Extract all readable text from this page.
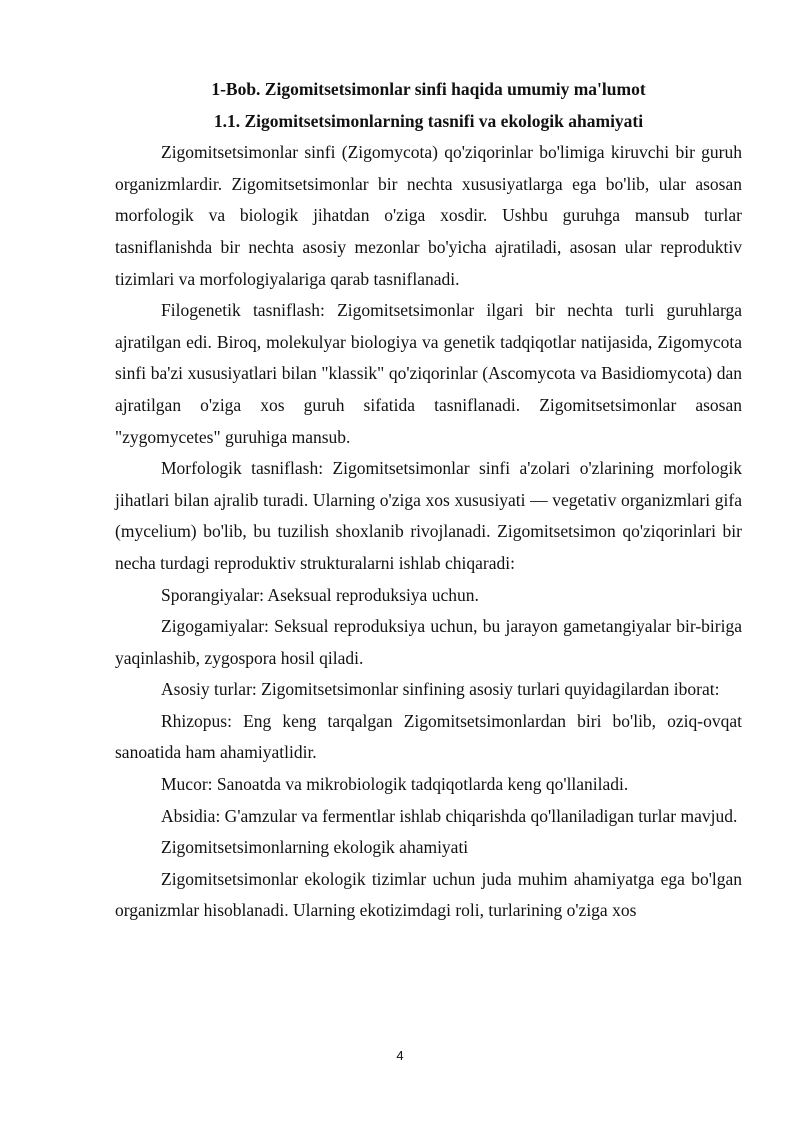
1-Bob. Zigomitsetsimonlar sinfi haqida umumiy ma'lumot

1.1. Zigomitsetsimonlarning tasnifi va ekologik ahamiyati

Zigomitsetsimonlar sinfi (Zigomycota) qo'ziqorinlar bo'limiga kiruvchi bir guruh organizmlardir. Zigomitsetsimonlar bir nechta xususiyatlarga ega bo'lib, ular asosan morfologik va biologik jihatdan o'ziga xosdir. Ushbu guruhga mansub turlar tasniflanishda bir nechta asosiy mezonlar bo'yicha ajratiladi, asosan ular reproduktiv tizimlari va morfologiyalariga qarab tasniflanadi.

Filogenetik tasniflash: Zigomitsetsimonlar ilgari bir nechta turli guruhlarga ajratilgan edi. Biroq, molekulyar biologiya va genetik tadqiqotlar natijasida, Zigomycota sinfi ba'zi xususiyatlari bilan "klassik" qo'ziqorinlar (Ascomycota va Basidiomycota) dan ajratilgan o'ziga xos guruh sifatida tasniflanadi. Zigomitsetsimonlar asosan "zygomycetes" guruhiga mansub.

Morfologik tasniflash: Zigomitsetsimonlar sinfi a'zolari o'zlarining morfologik jihatlari bilan ajralib turadi. Ularning o'ziga xos xususiyati — vegetativ organizmlari gifa (mycelium) bo'lib, bu tuzilish shoxlanib rivojlanadi. Zigomitsetsimon qo'ziqorinlari bir necha turdagi reproduktiv strukturalarni ishlab chiqaradi:

Sporangiyalar: Aseksual reproduksiya uchun.

Zigogamiyalar: Seksual reproduksiya uchun, bu jarayon gametangiyalar bir-biriga yaqinlashib, zygospora hosil qiladi.

Asosiy turlar: Zigomitsetsimonlar sinfining asosiy turlari quyidagilardan iborat:

Rhizopus: Eng keng tarqalgan Zigomitsetsimonlardan biri bo'lib, oziq-ovqat sanoatida ham ahamiyatlidir.

Mucor: Sanoatda va mikrobiologik tadqiqotlarda keng qo'llaniladi.

Absidia: G'amzular va fermentlar ishlab chiqarishda qo'llaniladigan turlar mavjud.

Zigomitsetsimonlarning ekologik ahamiyati

Zigomitsetsimonlar ekologik tizimlar uchun juda muhim ahamiyatga ega bo'lgan organizmlar hisoblanadi. Ularning ekotizimdagi roli, turlarining o'ziga xos

4
